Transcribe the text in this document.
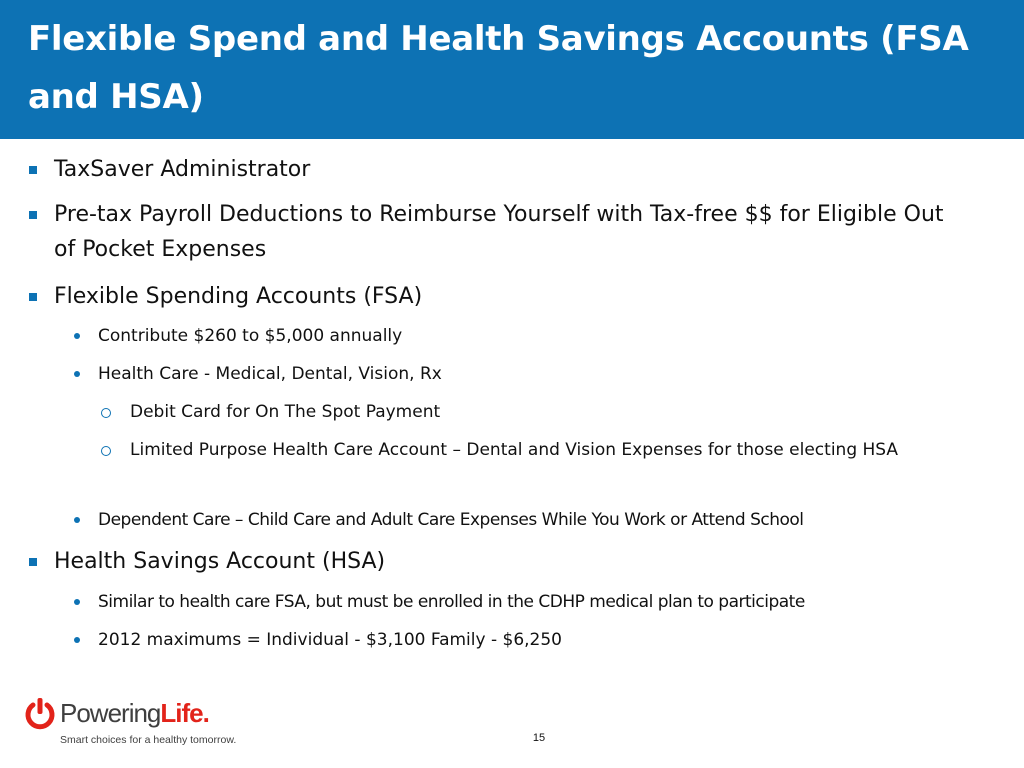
Flexible Spend and Health Savings Accounts (FSA and HSA)
TaxSaver Administrator
Pre-tax Payroll Deductions to Reimburse Yourself with Tax-free $$ for Eligible Out of Pocket Expenses
Flexible Spending Accounts (FSA)
Contribute $260 to $5,000 annually
Health Care - Medical, Dental, Vision, Rx
Debit Card for On The Spot Payment
Limited Purpose Health Care Account – Dental and Vision Expenses for those electing HSA
Dependent Care – Child Care and Adult Care Expenses While You Work or Attend School
Health Savings Account (HSA)
Similar to health care FSA, but must be enrolled in the CDHP medical plan to participate
2012 maximums = Individual - $3,100 Family - $6,250
PoweringLife.
Smart choices for a healthy tomorrow.	15
